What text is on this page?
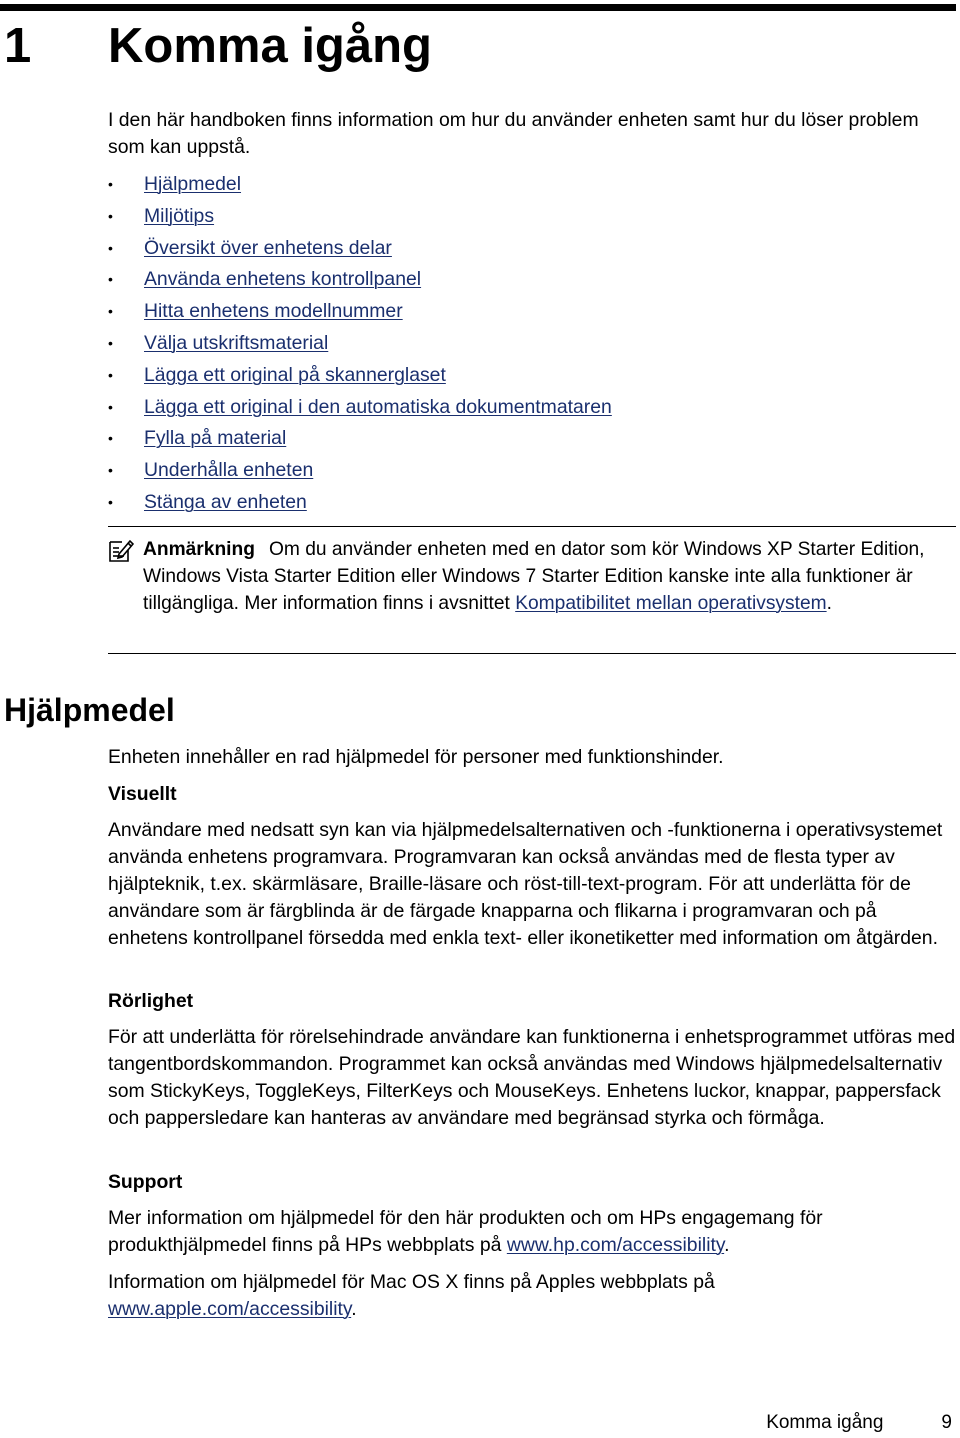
1 Komma igång

I den här handboken finns information om hur du använder enheten samt hur du löser problem som kan uppstå.

• Hjälpmedel
• Miljötips
• Översikt över enhetens delar
• Använda enhetens kontrollpanel
• Hitta enhetens modellnummer
• Välja utskriftsmaterial
• Lägga ett original på skannerglaset
• Lägga ett original i den automatiska dokumentmataren
• Fylla på material
• Underhålla enheten
• Stänga av enheten

Anmärkning Om du använder enheten med en dator som kör Windows XP Starter Edition, Windows Vista Starter Edition eller Windows 7 Starter Edition kanske inte alla funktioner är tillgängliga. Mer information finns i avsnittet Kompatibilitet mellan operativsystem.

Hjälpmedel

Enheten innehåller en rad hjälpmedel för personer med funktionshinder.

Visuellt

Användare med nedsatt syn kan via hjälpmedelsalternativen och -funktionerna i operativsystemet använda enhetens programvara. Programvaran kan också användas med de flesta typer av hjälpteknik, t.ex. skärmläsare, Braille-läsare och röst-till-text-program. För att underlätta för de användare som är färgblinda är de färgade knapparna och flikarna i programvaran och på enhetens kontrollpanel försedda med enkla text- eller ikonetiketter med information om åtgärden.

Rörlighet

För att underlätta för rörelsehindrade användare kan funktionerna i enhetsprogrammet utföras med tangentbordskommandon. Programmet kan också användas med Windows hjälpmedelsalternativ som StickyKeys, ToggleKeys, FilterKeys och MouseKeys. Enhetens luckor, knappar, pappersfack och pappersledare kan hanteras av användare med begränsad styrka och förmåga.

Support

Mer information om hjälpmedel för den här produkten och om HPs engagemang för produkthjälpmedel finns på HPs webbplats på www.hp.com/accessibility.

Information om hjälpmedel för Mac OS X finns på Apples webbplats på www.apple.com/accessibility.

Komma igång	9
